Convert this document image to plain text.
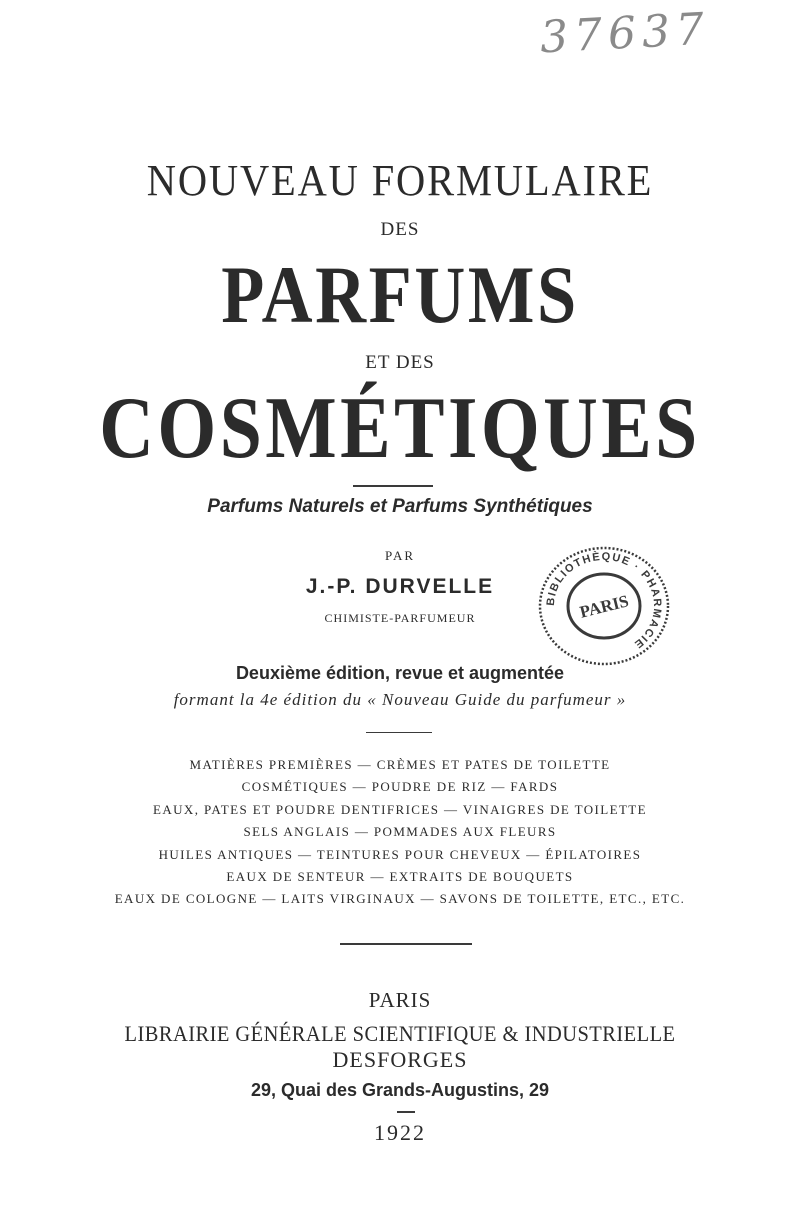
37637
NOUVEAU FORMULAIRE
DES
PARFUMS
ET DES
COSMÉTIQUES
Parfums Naturels et Parfums Synthétiques
PAR
J.-P. DURVELLE
CHIMISTE-PARFUMEUR
Deuxième édition, revue et augmentée
formant la 4e édition du « Nouveau Guide du parfumeur »
MATIÈRES PREMIÈRES — CRÈMES ET PATES DE TOILETTE
COSMÉTIQUES — POUDRE DE RIZ — FARDS
EAUX, PATES ET POUDRE DENTIFRICES — VINAIGRES DE TOILETTE
SELS ANGLAIS — POMMADES AUX FLEURS
HUILES ANTIQUES — TEINTURES POUR CHEVEUX — ÉPILATOIRES
EAUX DE SENTEUR — EXTRAITS DE BOUQUETS
EAUX DE COLOGNE — LAITS VIRGINAUX — SAVONS DE TOILETTE, ETC., ETC.
PARIS
LIBRAIRIE GÉNÉRALE SCIENTIFIQUE & INDUSTRIELLE
DESFORGES
29, Quai des Grands-Augustins, 29
1922
BIBLIOTHÈQUE · PHARMACIE
PARIS
